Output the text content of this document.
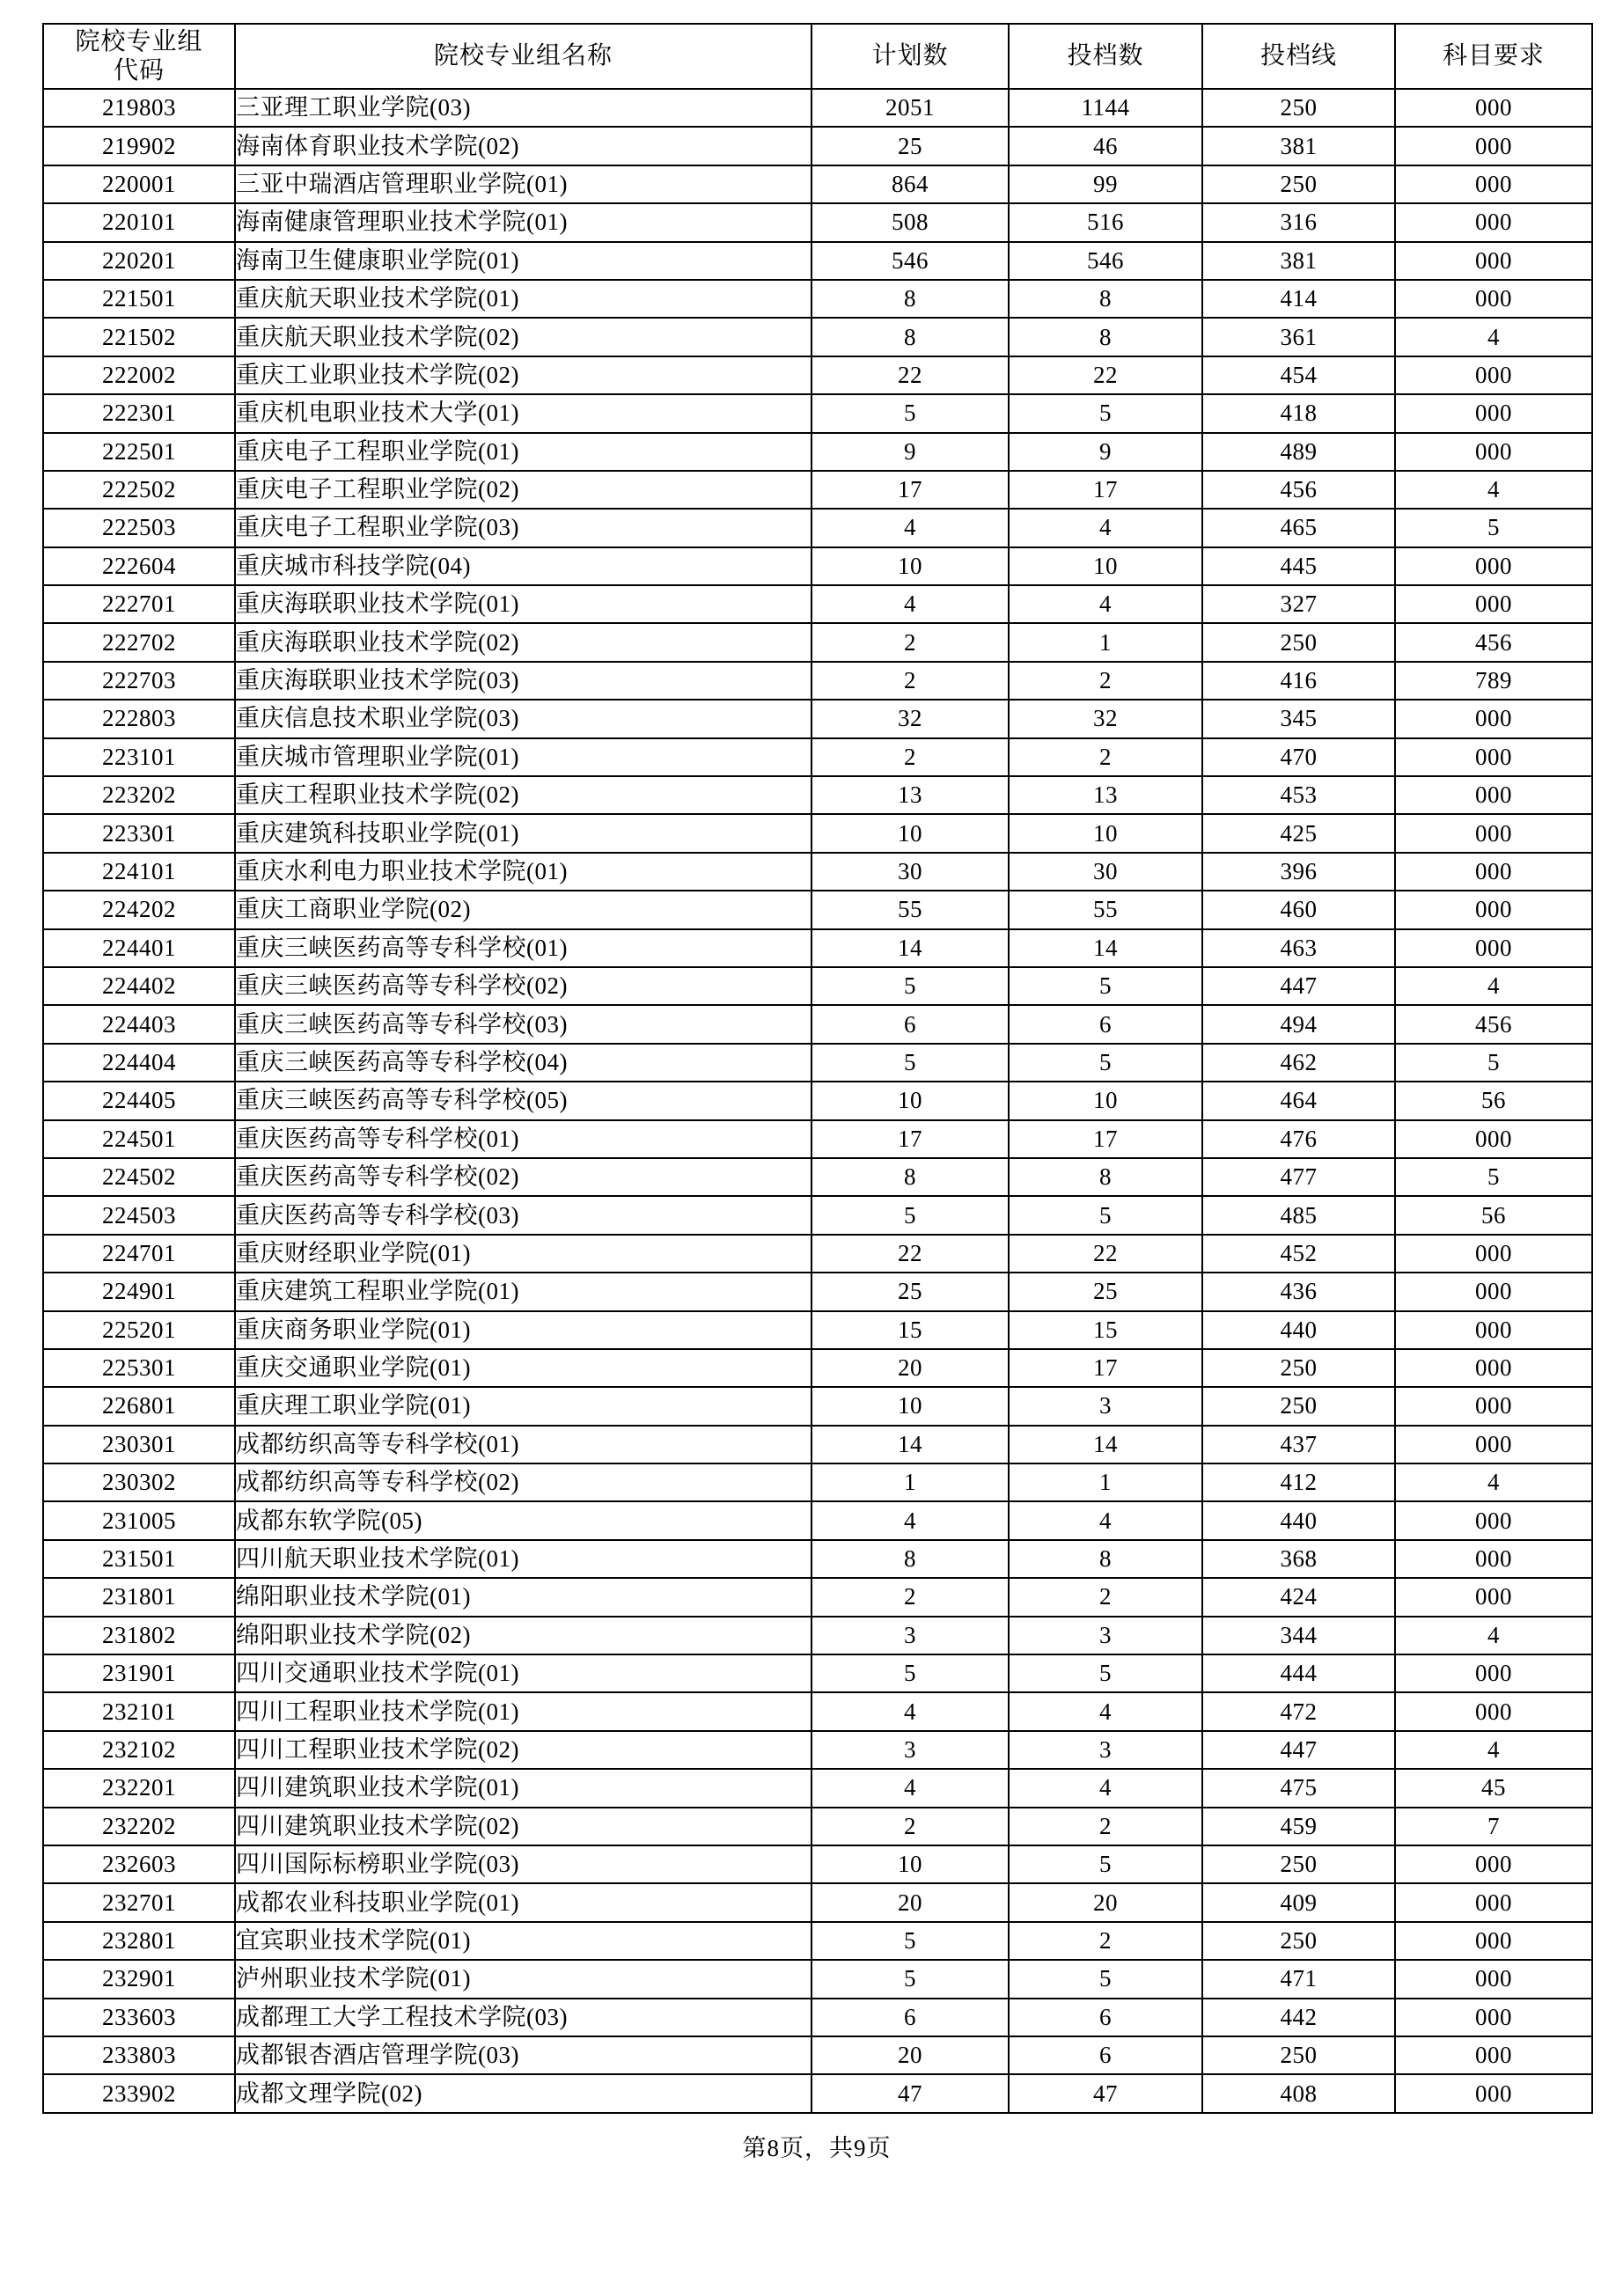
院校专业组
代码	院校专业组名称	计划数	投档数	投档线	科目要求

219803	三亚理工职业学院(03)	2051	1144	250	000
219902	海南体育职业技术学院(02)	25	46	381	000
220001	三亚中瑞酒店管理职业学院(01)	864	99	250	000
220101	海南健康管理职业技术学院(01)	508	516	316	000
220201	海南卫生健康职业学院(01)	546	546	381	000
221501	重庆航天职业技术学院(01)	8	8	414	000
221502	重庆航天职业技术学院(02)	8	8	361	4
222002	重庆工业职业技术学院(02)	22	22	454	000
222301	重庆机电职业技术大学(01)	5	5	418	000
222501	重庆电子工程职业学院(01)	9	9	489	000
222502	重庆电子工程职业学院(02)	17	17	456	4
222503	重庆电子工程职业学院(03)	4	4	465	5
222604	重庆城市科技学院(04)	10	10	445	000
222701	重庆海联职业技术学院(01)	4	4	327	000
222702	重庆海联职业技术学院(02)	2	1	250	456
222703	重庆海联职业技术学院(03)	2	2	416	789
222803	重庆信息技术职业学院(03)	32	32	345	000
223101	重庆城市管理职业学院(01)	2	2	470	000
223202	重庆工程职业技术学院(02)	13	13	453	000
223301	重庆建筑科技职业学院(01)	10	10	425	000
224101	重庆水利电力职业技术学院(01)	30	30	396	000
224202	重庆工商职业学院(02)	55	55	460	000
224401	重庆三峡医药高等专科学校(01)	14	14	463	000
224402	重庆三峡医药高等专科学校(02)	5	5	447	4
224403	重庆三峡医药高等专科学校(03)	6	6	494	456
224404	重庆三峡医药高等专科学校(04)	5	5	462	5
224405	重庆三峡医药高等专科学校(05)	10	10	464	56
224501	重庆医药高等专科学校(01)	17	17	476	000
224502	重庆医药高等专科学校(02)	8	8	477	5
224503	重庆医药高等专科学校(03)	5	5	485	56
224701	重庆财经职业学院(01)	22	22	452	000
224901	重庆建筑工程职业学院(01)	25	25	436	000
225201	重庆商务职业学院(01)	15	15	440	000
225301	重庆交通职业学院(01)	20	17	250	000
226801	重庆理工职业学院(01)	10	3	250	000
230301	成都纺织高等专科学校(01)	14	14	437	000
230302	成都纺织高等专科学校(02)	1	1	412	4
231005	成都东软学院(05)	4	4	440	000
231501	四川航天职业技术学院(01)	8	8	368	000
231801	绵阳职业技术学院(01)	2	2	424	000
231802	绵阳职业技术学院(02)	3	3	344	4
231901	四川交通职业技术学院(01)	5	5	444	000
232101	四川工程职业技术学院(01)	4	4	472	000
232102	四川工程职业技术学院(02)	3	3	447	4
232201	四川建筑职业技术学院(01)	4	4	475	45
232202	四川建筑职业技术学院(02)	2	2	459	7
232603	四川国际标榜职业学院(03)	10	5	250	000
232701	成都农业科技职业学院(01)	20	20	409	000
232801	宜宾职业技术学院(01)	5	2	250	000
232901	泸州职业技术学院(01)	5	5	471	000
233603	成都理工大学工程技术学院(03)	6	6	442	000
233803	成都银杏酒店管理学院(03)	20	6	250	000
233902	成都文理学院(02)	47	47	408	000
第8页，共9页
